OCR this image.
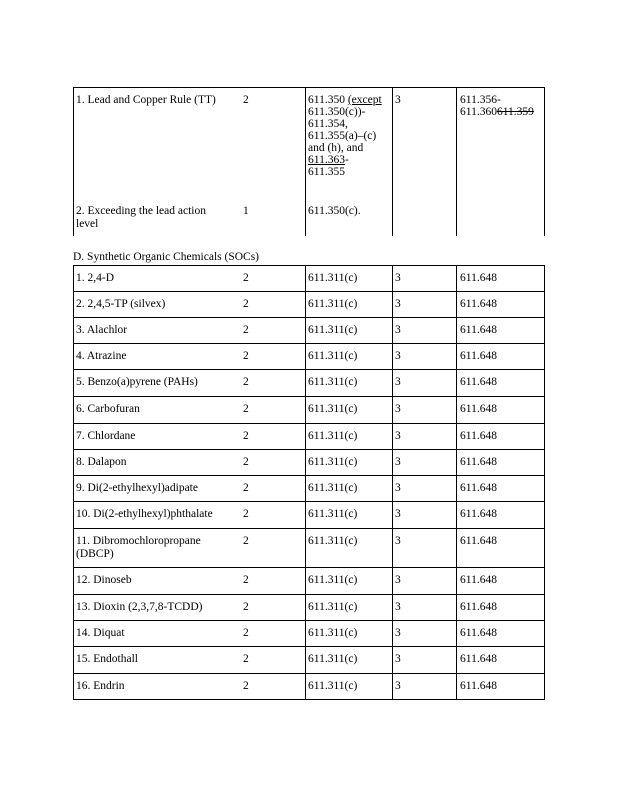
1. Lead and Copper Rule (TT) 2	611.350 (except
611.350(c))-
611.354,
611.355(a)–(c)
and (h), and
611.363-
611.355
3	611.356-
611.360611.359
2. Exceeding the lead action
level
1	611.350(c).
D. Synthetic Organic Chemicals (SOCs)
1. 2,4-D	2	611.311(c)	3	611.648
2. 2,4,5-TP (silvex)	2	611.311(c)	3	611.648
3. Alachlor	2	611.311(c)	3	611.648
4. Atrazine	2	611.311(c)	3	611.648
5. Benzo(a)pyrene (PAHs)	2	611.311(c)	3	611.648
6. Carbofuran	2	611.311(c)	3	611.648
7. Chlordane	2	611.311(c)	3	611.648
8. Dalapon	2	611.311(c)	3	611.648
9. Di(2-ethylhexyl)adipate	2	611.311(c)	3	611.648
10. Di(2-ethylhexyl)phthalate	2	611.311(c)	3	611.648
11. Dibromochloropropane
(DBCP)
2	611.311(c)	3	611.648
12. Dinoseb	2	611.311(c)	3	611.648
13. Dioxin (2,3,7,8-TCDD)	2	611.311(c)	3	611.648
14. Diquat	2	611.311(c)	3	611.648
15. Endothall	2	611.311(c)	3	611.648
16. Endrin	2	611.311(c)	3	611.648
